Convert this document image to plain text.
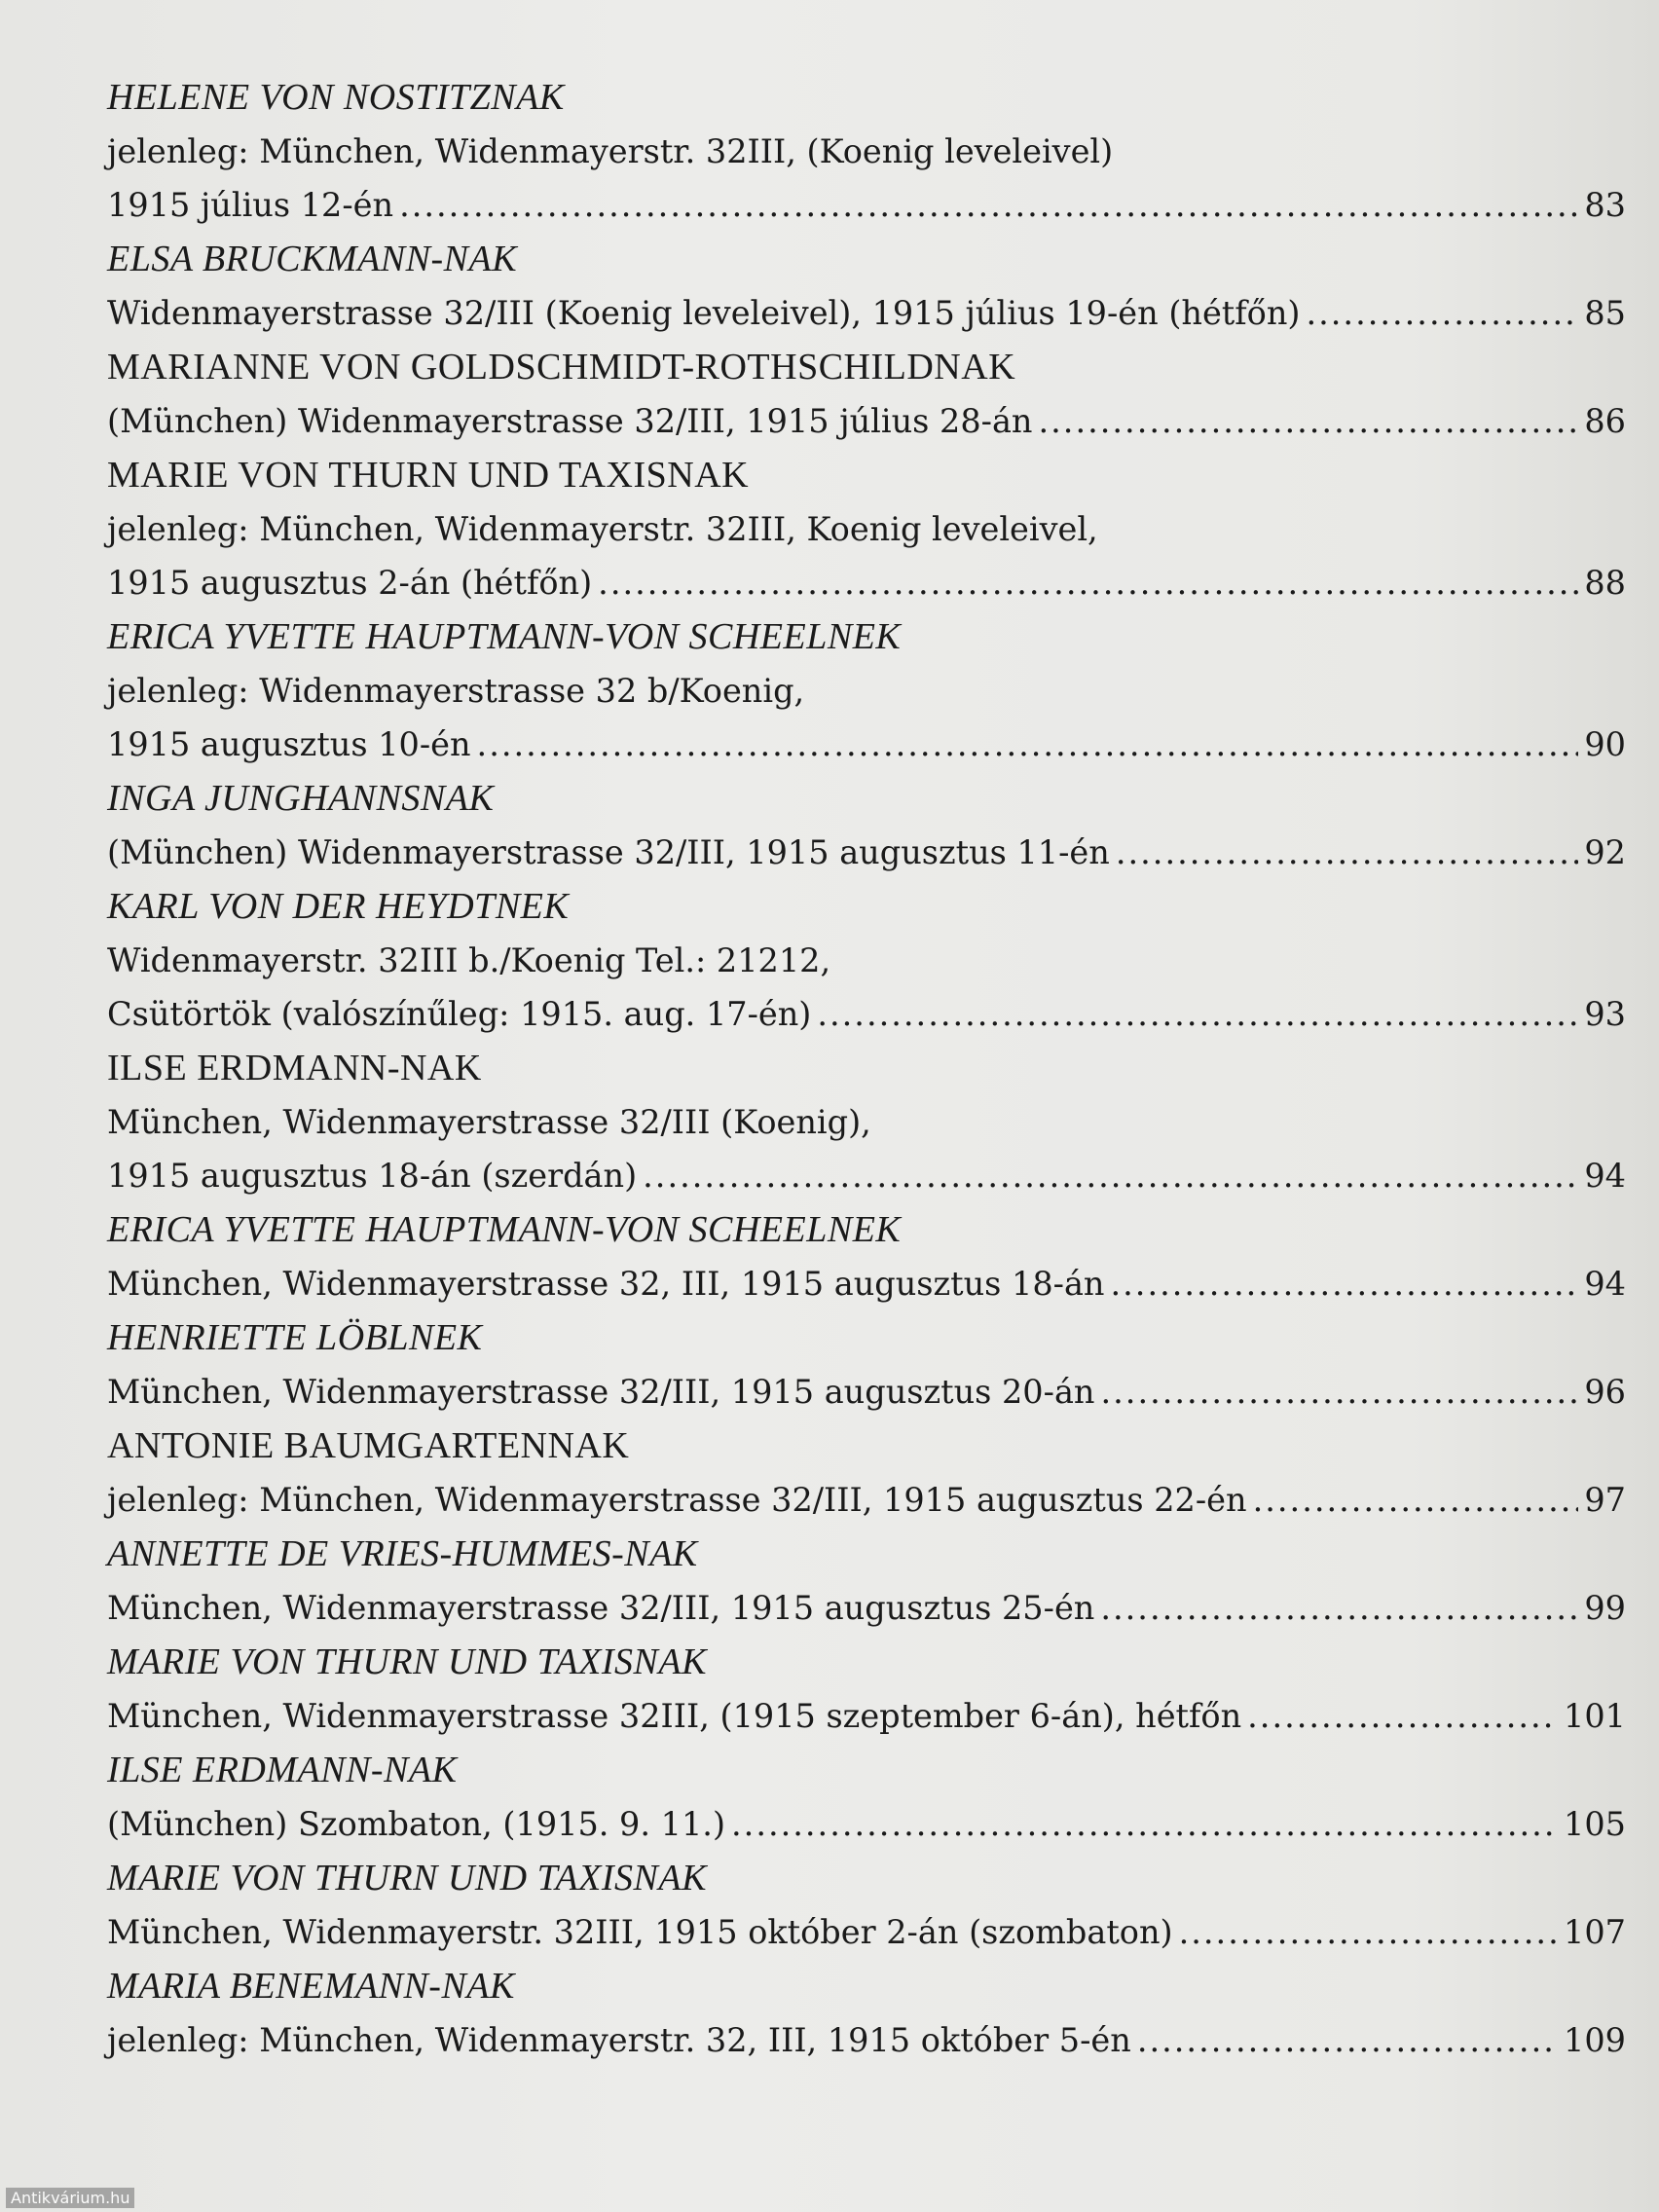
HELENE VON NOSTITZNAK
jelenleg: München, Widenmayerstr. 32III, (Koenig leveleivel)
1915 július 12-én .....	83
ELSA BRUCKMANN-NAK
Widenmayerstrasse 32/III (Koenig leveleivel), 1915 július 19-én (hétfőn) .....	85
MARIANNE VON GOLDSCHMIDT-ROTHSCHILDNAK
(München) Widenmayerstrasse 32/III, 1915 július 28-án .....	86
MARIE VON THURN UND TAXISNAK
jelenleg: München, Widenmayerstr. 32III, Koenig leveleivel,
1915 augusztus 2-án (hétfőn) .....	88
ERICA YVETTE HAUPTMANN-VON SCHEELNEK
jelenleg: Widenmayerstrasse 32 b/Koenig,
1915 augusztus 10-én .....	90
INGA JUNGHANNSNAK
(München) Widenmayerstrasse 32/III, 1915 augusztus 11-én .....	92
KARL VON DER HEYDTNEK
Widenmayerstr. 32III b./Koenig Tel.: 21212,
Csütörtök (valószínűleg: 1915. aug. 17-én) .....	93
ILSE ERDMANN-NAK
München, Widenmayerstrasse 32/III (Koenig),
1915 augusztus 18-án (szerdán) .....	94
ERICA YVETTE HAUPTMANN-VON SCHEELNEK
München, Widenmayerstrasse 32, III, 1915 augusztus 18-án .....	94
HENRIETTE LÖBLNEK
München, Widenmayerstrasse 32/III, 1915 augusztus 20-án .....	96
ANTONIE BAUMGARTENNAK
jelenleg: München, Widenmayerstrasse 32/III, 1915 augusztus 22-én .....	97
ANNETTE DE VRIES-HUMMES-NAK
München, Widenmayerstrasse 32/III, 1915 augusztus 25-én .....	99
MARIE VON THURN UND TAXISNAK
München, Widenmayerstrasse 32III, (1915 szeptember 6-án), hétfőn .....	101
ILSE ERDMANN-NAK
(München) Szombaton, (1915. 9. 11.) .....	105
MARIE VON THURN UND TAXISNAK
München, Widenmayerstr. 32III, 1915 október 2-án (szombaton) .....	107
MARIA BENEMANN-NAK
jelenleg: München, Widenmayerstr. 32, III, 1915 október 5-én .....	109
Antikvárium.hu
